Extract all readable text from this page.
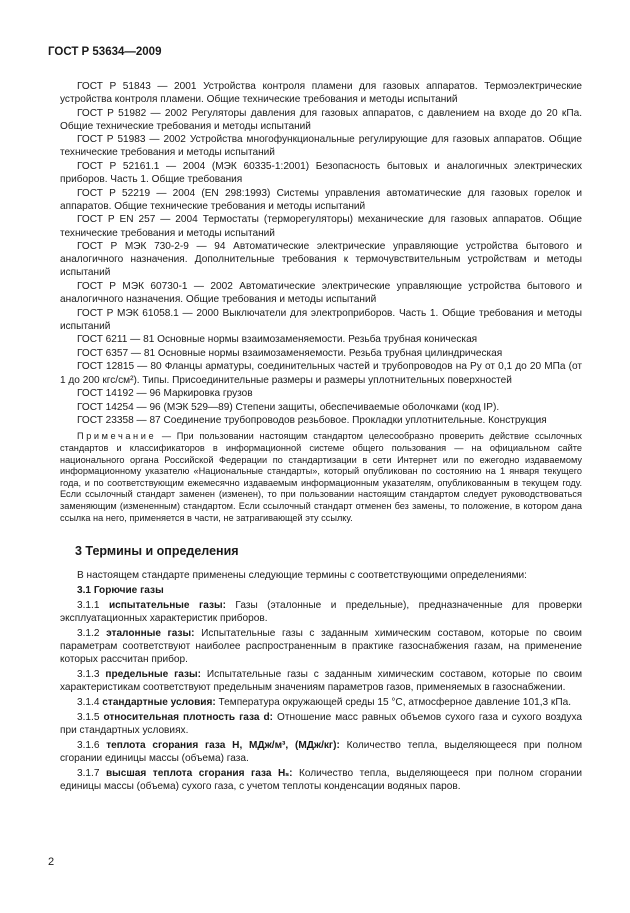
ГОСТ Р 53634—2009

ГОСТ Р 51843 — 2001 Устройства контроля пламени для газовых аппаратов. Термоэлектрические устройства контроля пламени. Общие технические требования и методы испытаний

ГОСТ Р 51982 — 2002 Регуляторы давления для газовых аппаратов, с давлением на входе до 20 кПа. Общие технические требования и методы испытаний

ГОСТ Р 51983 — 2002 Устройства многофункциональные регулирующие для газовых аппаратов. Общие технические требования и методы испытаний

ГОСТ Р 52161.1 — 2004 (МЭК 60335-1:2001) Безопасность бытовых и аналогичных электрических приборов. Часть 1. Общие требования

ГОСТ Р 52219 — 2004 (EN 298:1993) Системы управления автоматические для газовых горелок и аппаратов. Общие технические требования и методы испытаний

ГОСТ Р EN 257 — 2004 Термостаты (терморегуляторы) механические для газовых аппаратов. Общие технические требования и методы испытаний

ГОСТ Р МЭК 730-2-9 — 94 Автоматические электрические управляющие устройства бытового и аналогичного назначения. Дополнительные требования к термочувствительным устройствам и методы испытаний

ГОСТ Р МЭК 60730-1 — 2002 Автоматические электрические управляющие устройства бытового и аналогичного назначения. Общие требования и методы испытаний

ГОСТ Р МЭК 61058.1 — 2000 Выключатели для электроприборов. Часть 1. Общие требования и методы испытаний

ГОСТ 6211 — 81 Основные нормы взаимозаменяемости. Резьба трубная коническая

ГОСТ 6357 — 81 Основные нормы взаимозаменяемости. Резьба трубная цилиндрическая

ГОСТ 12815 — 80 Фланцы арматуры, соединительных частей и трубопроводов на Pу от 0,1 до 20 МПа (от 1 до 200 кгс/см²). Типы. Присоединительные размеры и размеры уплотнительных поверхностей

ГОСТ 14192 — 96 Маркировка грузов

ГОСТ 14254 — 96 (МЭК 529—89) Степени защиты, обеспечиваемые оболочками (код IP).

ГОСТ 23358 — 87 Соединение трубопроводов резьбовое. Прокладки уплотнительные. Конструкция

Примечание — При пользовании настоящим стандартом целесообразно проверить действие ссылочных стандартов и классификаторов в информационной системе общего пользования — на официальном сайте национального органа Российской Федерации по стандартизации в сети Интернет или по ежегодно издаваемому информационному указателю «Национальные стандарты», который опубликован по состоянию на 1 января текущего года, и по соответствующим ежемесячно издаваемым информационным указателям, опубликованным в текущем году. Если ссылочный стандарт заменен (изменен), то при пользовании настоящим стандартом следует руководствоваться заменяющим (измененным) стандартом. Если ссылочный стандарт отменен без замены, то положение, в котором дана ссылка на него, применяется в части, не затрагивающей эту ссылку.

3 Термины и определения

В настоящем стандарте применены следующие термины с соответствующими определениями:

3.1 Горючие газы

3.1.1 испытательные газы: Газы (эталонные и предельные), предназначенные для проверки эксплуатационных характеристик приборов.

3.1.2 эталонные газы: Испытательные газы с заданным химическим составом, которые по своим параметрам соответствуют наиболее распространенным в практике газоснабжения газам, на применение которых рассчитан прибор.

3.1.3 предельные газы: Испытательные газы с заданным химическим составом, которые по своим характеристикам соответствуют предельным значениям параметров газов, применяемых в газоснабжении.

3.1.4 стандартные условия: Температура окружающей среды 15 °С, атмосферное давление 101,3 кПа.

3.1.5 относительная плотность газа d: Отношение масс равных объемов сухого газа и сухого воздуха при стандартных условиях.

3.1.6 теплота сгорания газа Н, МДж/м³, (МДж/кг): Количество тепла, выделяющееся при полном сгорании единицы массы (объема) газа.

3.1.7 высшая теплота сгорания газа Нₛ: Количество тепла, выделяющееся при полном сгорании единицы массы (объема) сухого газа, с учетом теплоты конденсации водяных паров.

2
